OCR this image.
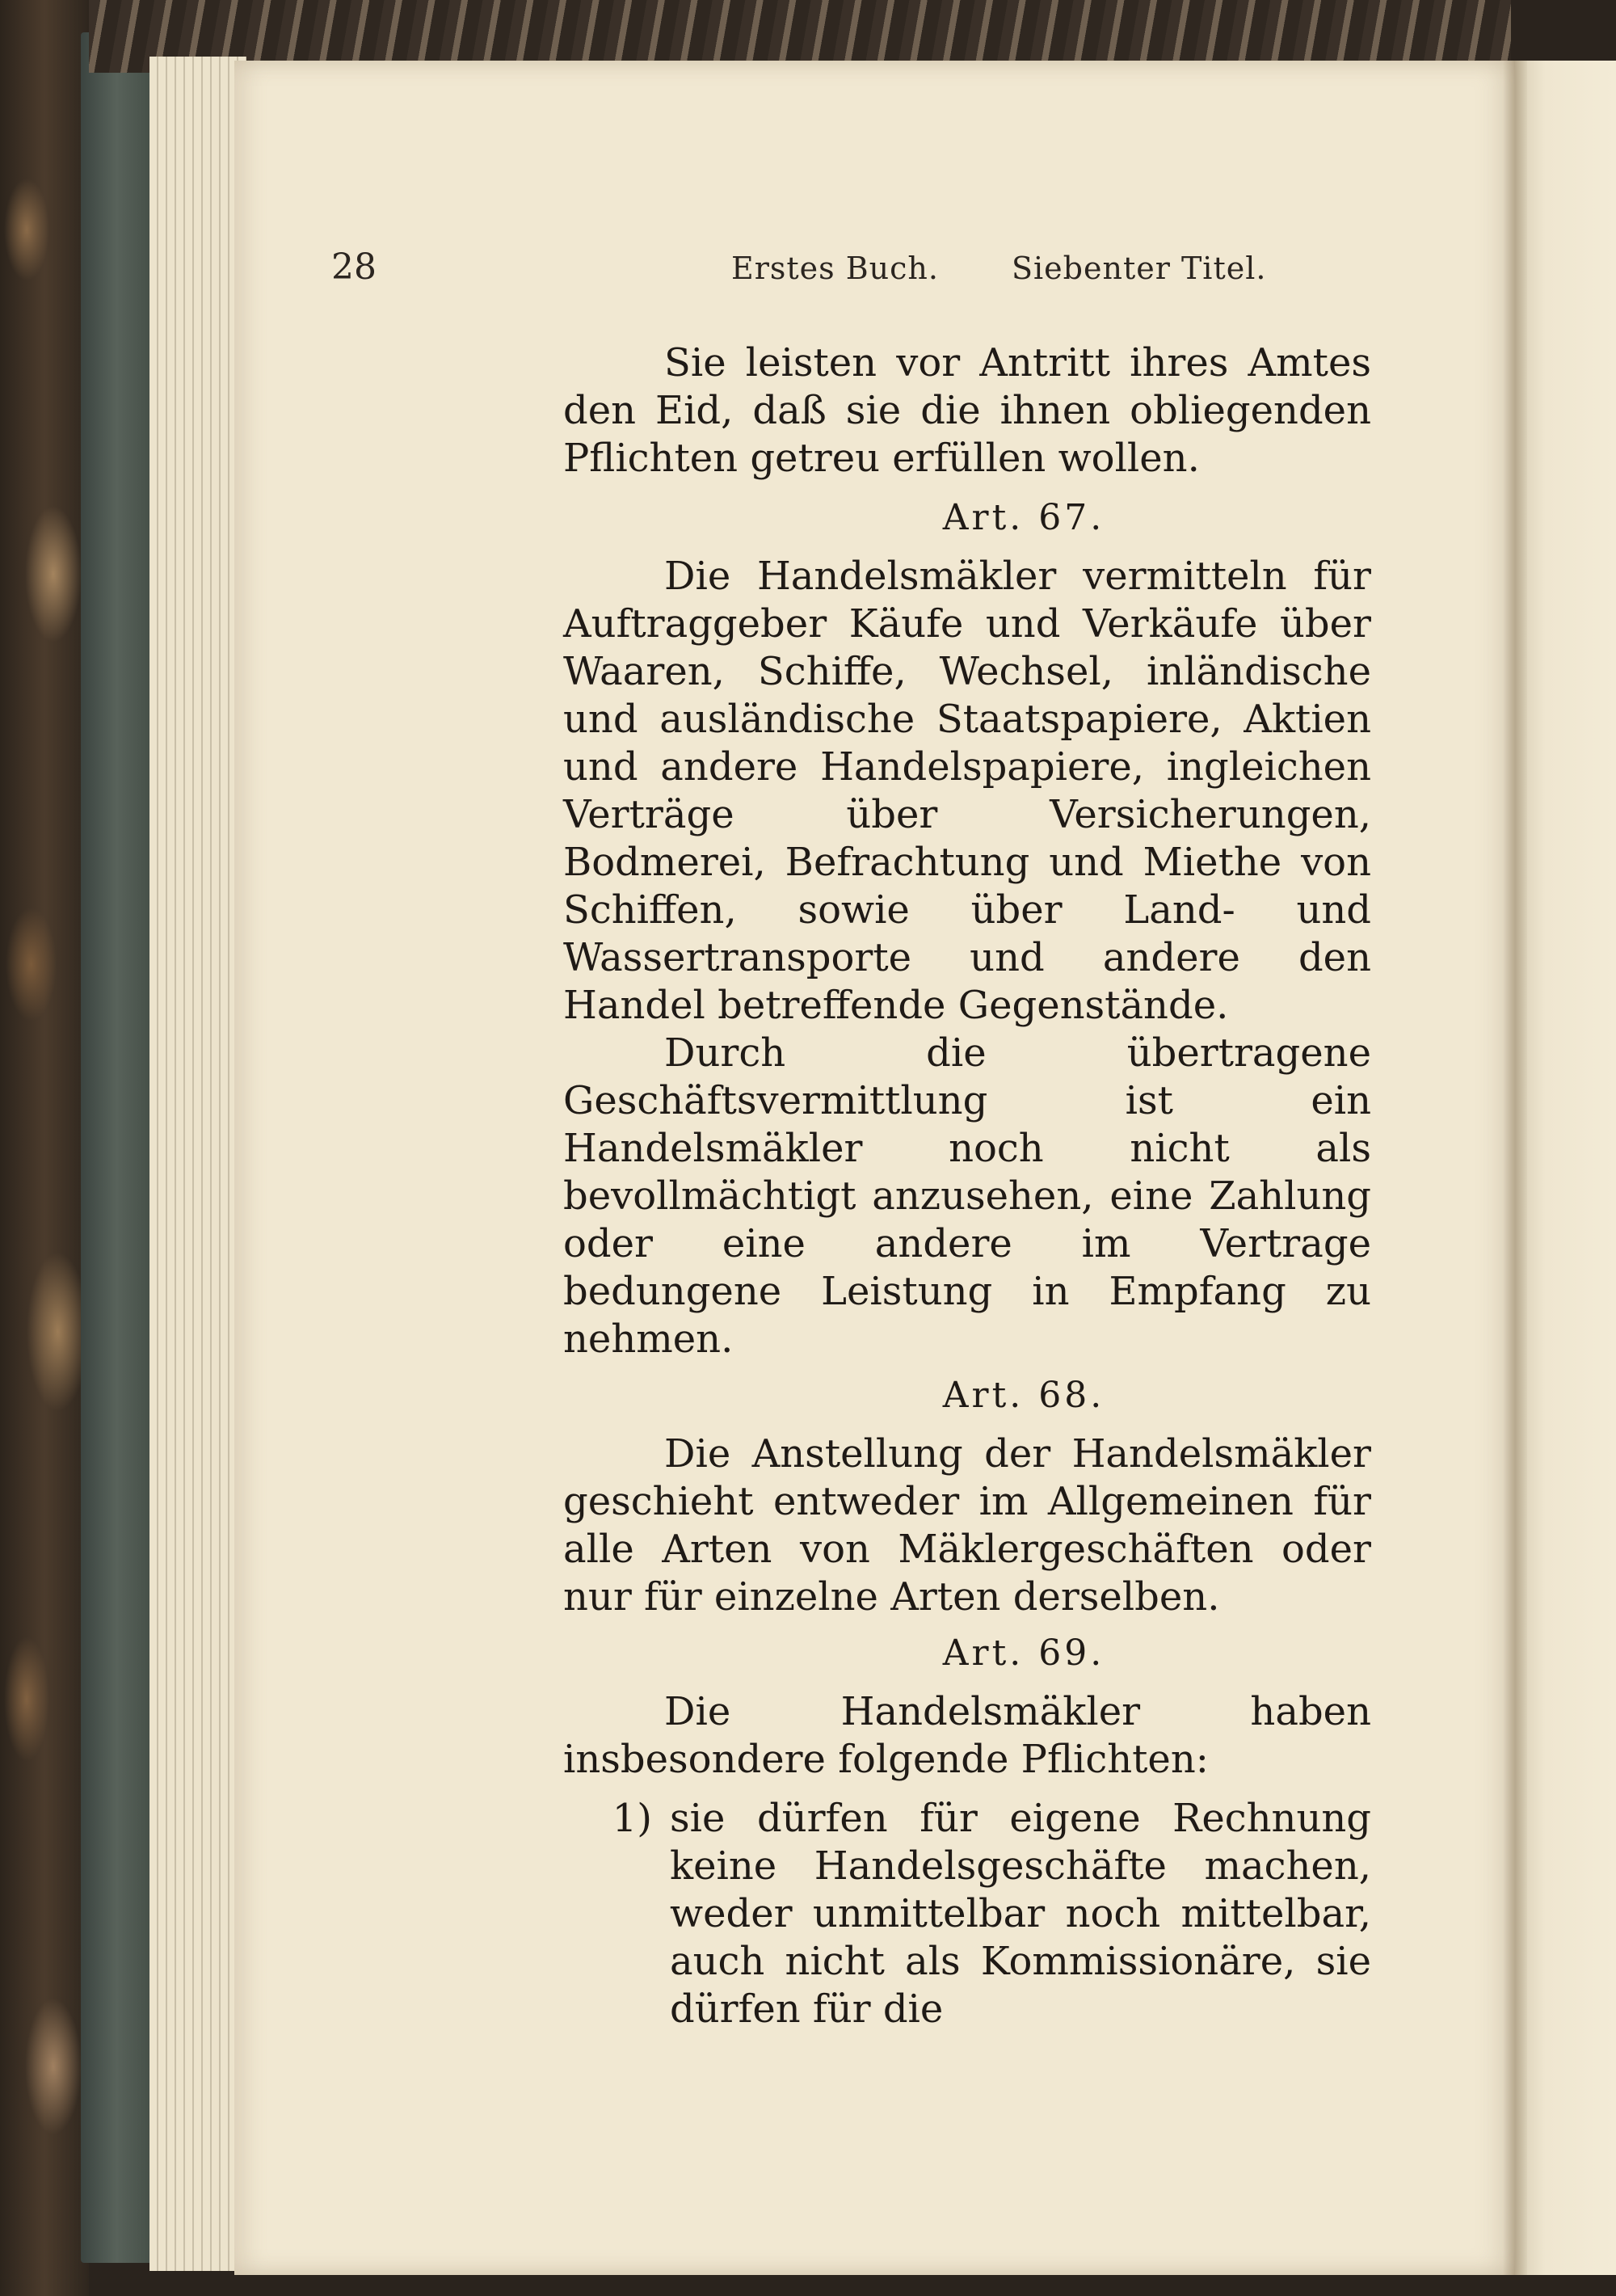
28	Erstes Buch. Siebenter Titel.

Sie leisten vor Antritt ihres Amtes den Eid, daß sie die ihnen obliegenden Pflichten getreu erfüllen wollen.

Art. 67.

Die Handelsmäkler vermitteln für Auftraggeber Käufe und Verkäufe über Waaren, Schiffe, Wechsel, inländische und ausländische Staatspapiere, Aktien und andere Handelspapiere, ingleichen Verträge über Versicherungen, Bodmerei, Befrachtung und Miethe von Schiffen, sowie über Land- und Wassertransporte und andere den Handel betreffende Gegenstände.

Durch die übertragene Geschäftsvermittlung ist ein Handelsmäkler noch nicht als bevollmächtigt anzusehen, eine Zahlung oder eine andere im Vertrage bedungene Leistung in Empfang zu nehmen.

Art. 68.

Die Anstellung der Handelsmäkler geschieht entweder im Allgemeinen für alle Arten von Mäklergeschäften oder nur für einzelne Arten derselben.

Art. 69.

Die Handelsmäkler haben insbesondere folgende Pflichten:

1) sie dürfen für eigene Rechnung keine Handelsgeschäfte machen, weder unmittelbar noch mittelbar, auch nicht als Kommissionäre, sie dürfen für die
